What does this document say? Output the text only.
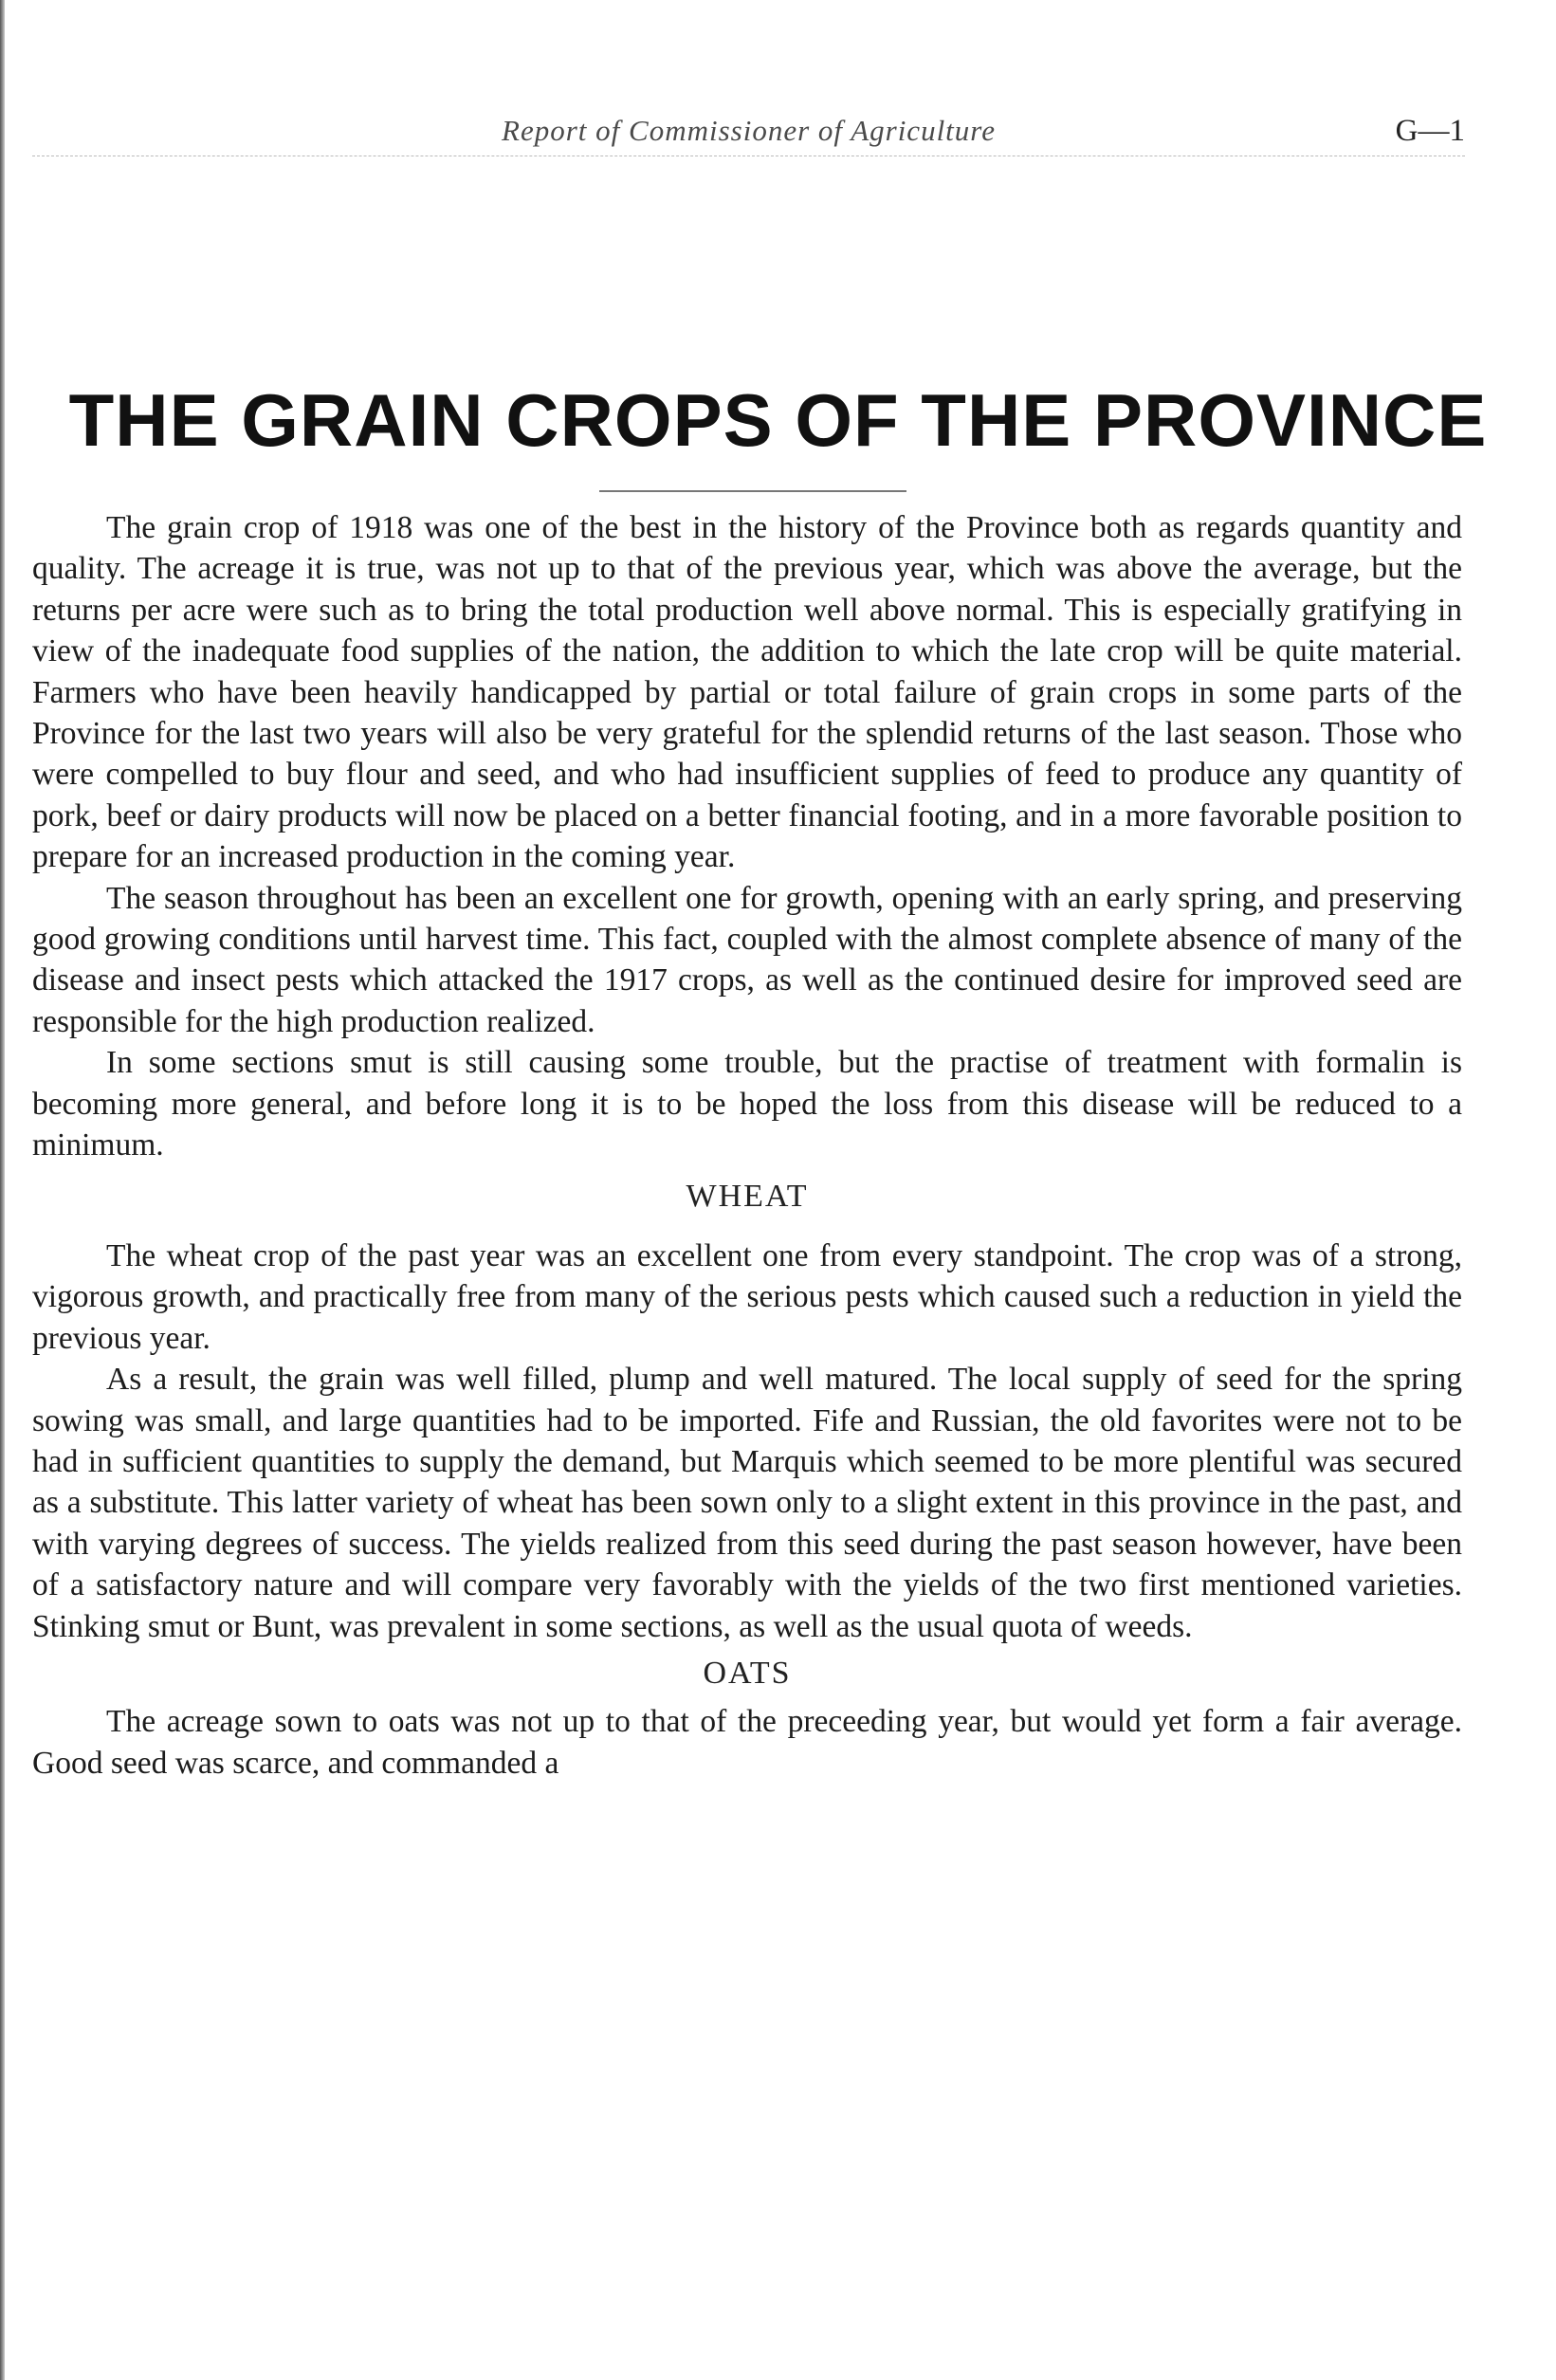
Report of Commissioner of Agriculture	G—1
THE GRAIN CROPS OF THE PROVINCE

The grain crop of 1918 was one of the best in the history of the Province both as regards quantity and quality. The acreage it is true, was not up to that of the previous year, which was above the average, but the returns per acre were such as to bring the total production well above normal. This is especially gratifying in view of the inadequate food supplies of the nation, the addition to which the late crop will be quite material. Farmers who have been heavily handicapped by partial or total failure of grain crops in some parts of the Province for the last two years will also be very grateful for the splendid returns of the last season. Those who were compelled to buy flour and seed, and who had insufficient supplies of feed to produce any quantity of pork, beef or dairy products will now be placed on a better financial footing, and in a more favorable position to prepare for an increased production in the coming year.

The season throughout has been an excellent one for growth, opening with an early spring, and preserving good growing conditions until harvest time. This fact, coupled with the almost complete absence of many of the disease and insect pests which attacked the 1917 crops, as well as the continued desire for improved seed are responsible for the high production realized.

In some sections smut is still causing some trouble, but the practise of treatment with formalin is becoming more general, and before long it is to be hoped the loss from this disease will be reduced to a minimum.

WHEAT

The wheat crop of the past year was an excellent one from every standpoint. The crop was of a strong, vigorous growth, and practically free from many of the serious pests which caused such a reduction in yield the previous year.

As a result, the grain was well filled, plump and well matured. The local supply of seed for the spring sowing was small, and large quantities had to be imported. Fife and Russian, the old favorites were not to be had in sufficient quantities to supply the demand, but Marquis which seemed to be more plentiful was secured as a substitute. This latter variety of wheat has been sown only to a slight extent in this province in the past, and with varying degrees of success. The yields realized from this seed during the past season however, have been of a satisfactory nature and will compare very favorably with the yields of the two first mentioned varieties. Stinking smut or Bunt, was prevalent in some sections, as well as the usual quota of weeds.

OATS

The acreage sown to oats was not up to that of the preceeding year, but would yet form a fair average. Good seed was scarce, and commanded a
